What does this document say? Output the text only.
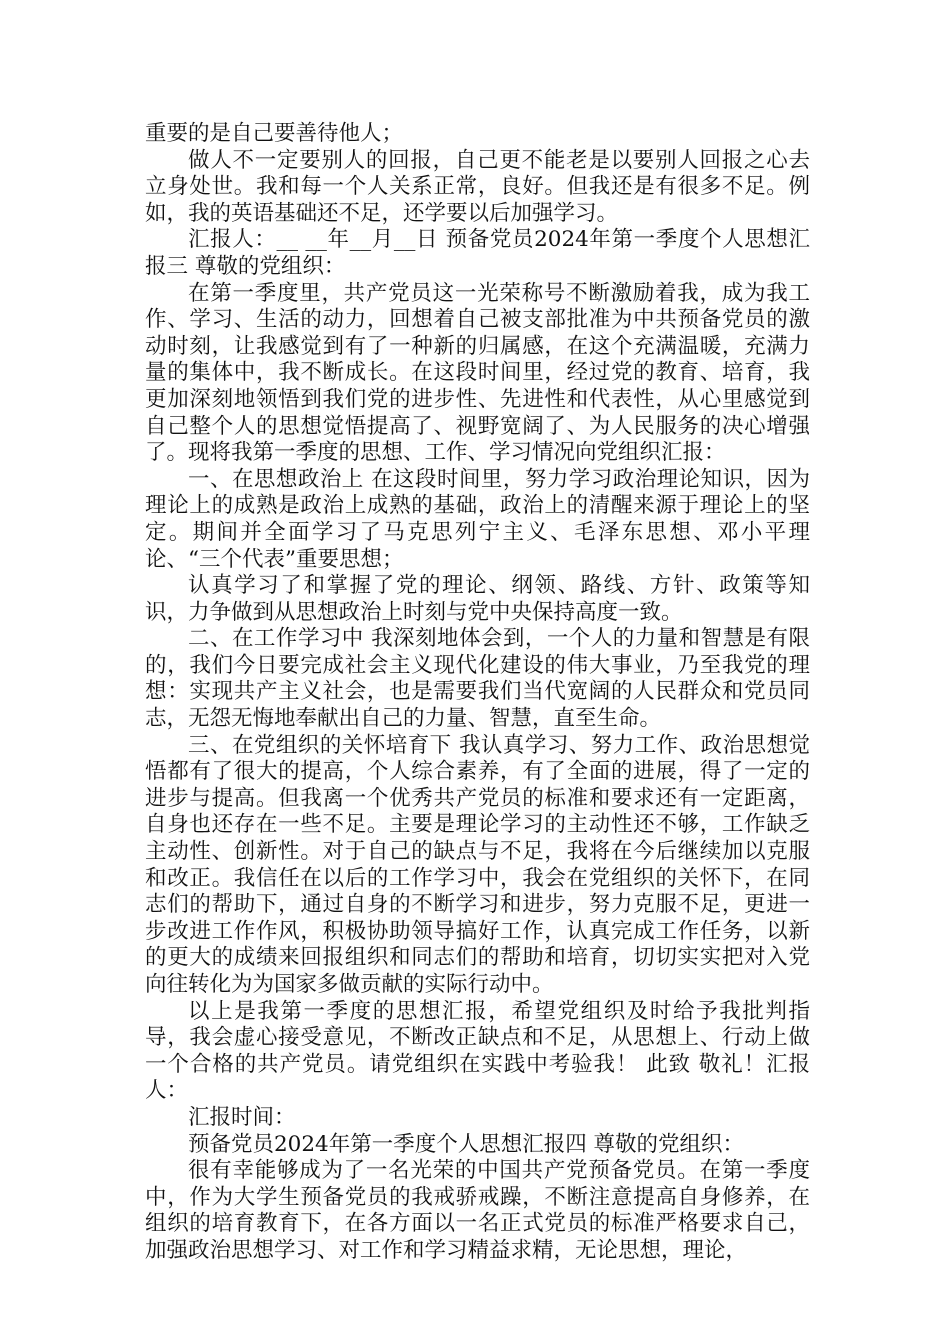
重要的是自己要善待他人；

做人不一定要别人的回报，自己更不能老是以要别人回报之心去立身处世。我和每一个人关系正常，良好。但我还是有很多不足。例如，我的英语基础还不足，还学要以后加强学习。

汇报人：__ __年__月__日 预备党员2024年第一季度个人思想汇报三 尊敬的党组织：

在第一季度里，共产党员这一光荣称号不断激励着我，成为我工作、学习、生活的动力，回想着自己被支部批准为中共预备党员的激动时刻，让我感觉到有了一种新的归属感，在这个充满温暖，充满力量的集体中，我不断成长。在这段时间里，经过党的教育、培育，我更加深刻地领悟到我们党的进步性、先进性和代表性，从心里感觉到自己整个人的思想觉悟提高了、视野宽阔了、为人民服务的决心增强了。现将我第一季度的思想、工作、学习情况向党组织汇报：

一、在思想政治上 在这段时间里，努力学习政治理论知识，因为理论上的成熟是政治上成熟的基础，政治上的清醒来源于理论上的坚定。期间并全面学习了马克思列宁主义、毛泽东思想、邓小平理论、“三个代表”重要思想；

认真学习了和掌握了党的理论、纲领、路线、方针、政策等知识，力争做到从思想政治上时刻与党中央保持高度一致。

二、在工作学习中 我深刻地体会到，一个人的力量和智慧是有限的，我们今日要完成社会主义现代化建设的伟大事业，乃至我党的理想：实现共产主义社会，也是需要我们当代宽阔的人民群众和党员同志，无怨无悔地奉献出自己的力量、智慧，直至生命。

三、在党组织的关怀培育下 我认真学习、努力工作、政治思想觉悟都有了很大的提高，个人综合素养，有了全面的进展，得了一定的进步与提高。但我离一个优秀共产党员的标准和要求还有一定距离，自身也还存在一些不足。主要是理论学习的主动性还不够，工作缺乏主动性、创新性。对于自己的缺点与不足，我将在今后继续加以克服和改正。我信任在以后的工作学习中，我会在党组织的关怀下，在同志们的帮助下，通过自身的不断学习和进步，努力克服不足，更进一步改进工作作风，积极协助领导搞好工作，认真完成工作任务，以新的更大的成绩来回报组织和同志们的帮助和培育，切切实实把对入党向往转化为为国家多做贡献的实际行动中。

以上是我第一季度的思想汇报，希望党组织及时给予我批判指导，我会虚心接受意见，不断改正缺点和不足，从思想上、行动上做一个合格的共产党员。请党组织在实践中考验我！ 此致 敬礼！汇报人：

汇报时间：

预备党员2024年第一季度个人思想汇报四 尊敬的党组织：

很有幸能够成为了一名光荣的中国共产党预备党员。在第一季度中，作为大学生预备党员的我戒骄戒躁，不断注意提高自身修养，在组织的培育教育下，在各方面以一名正式党员的标准严格要求自己，加强政治思想学习、对工作和学习精益求精，无论思想，理论，
